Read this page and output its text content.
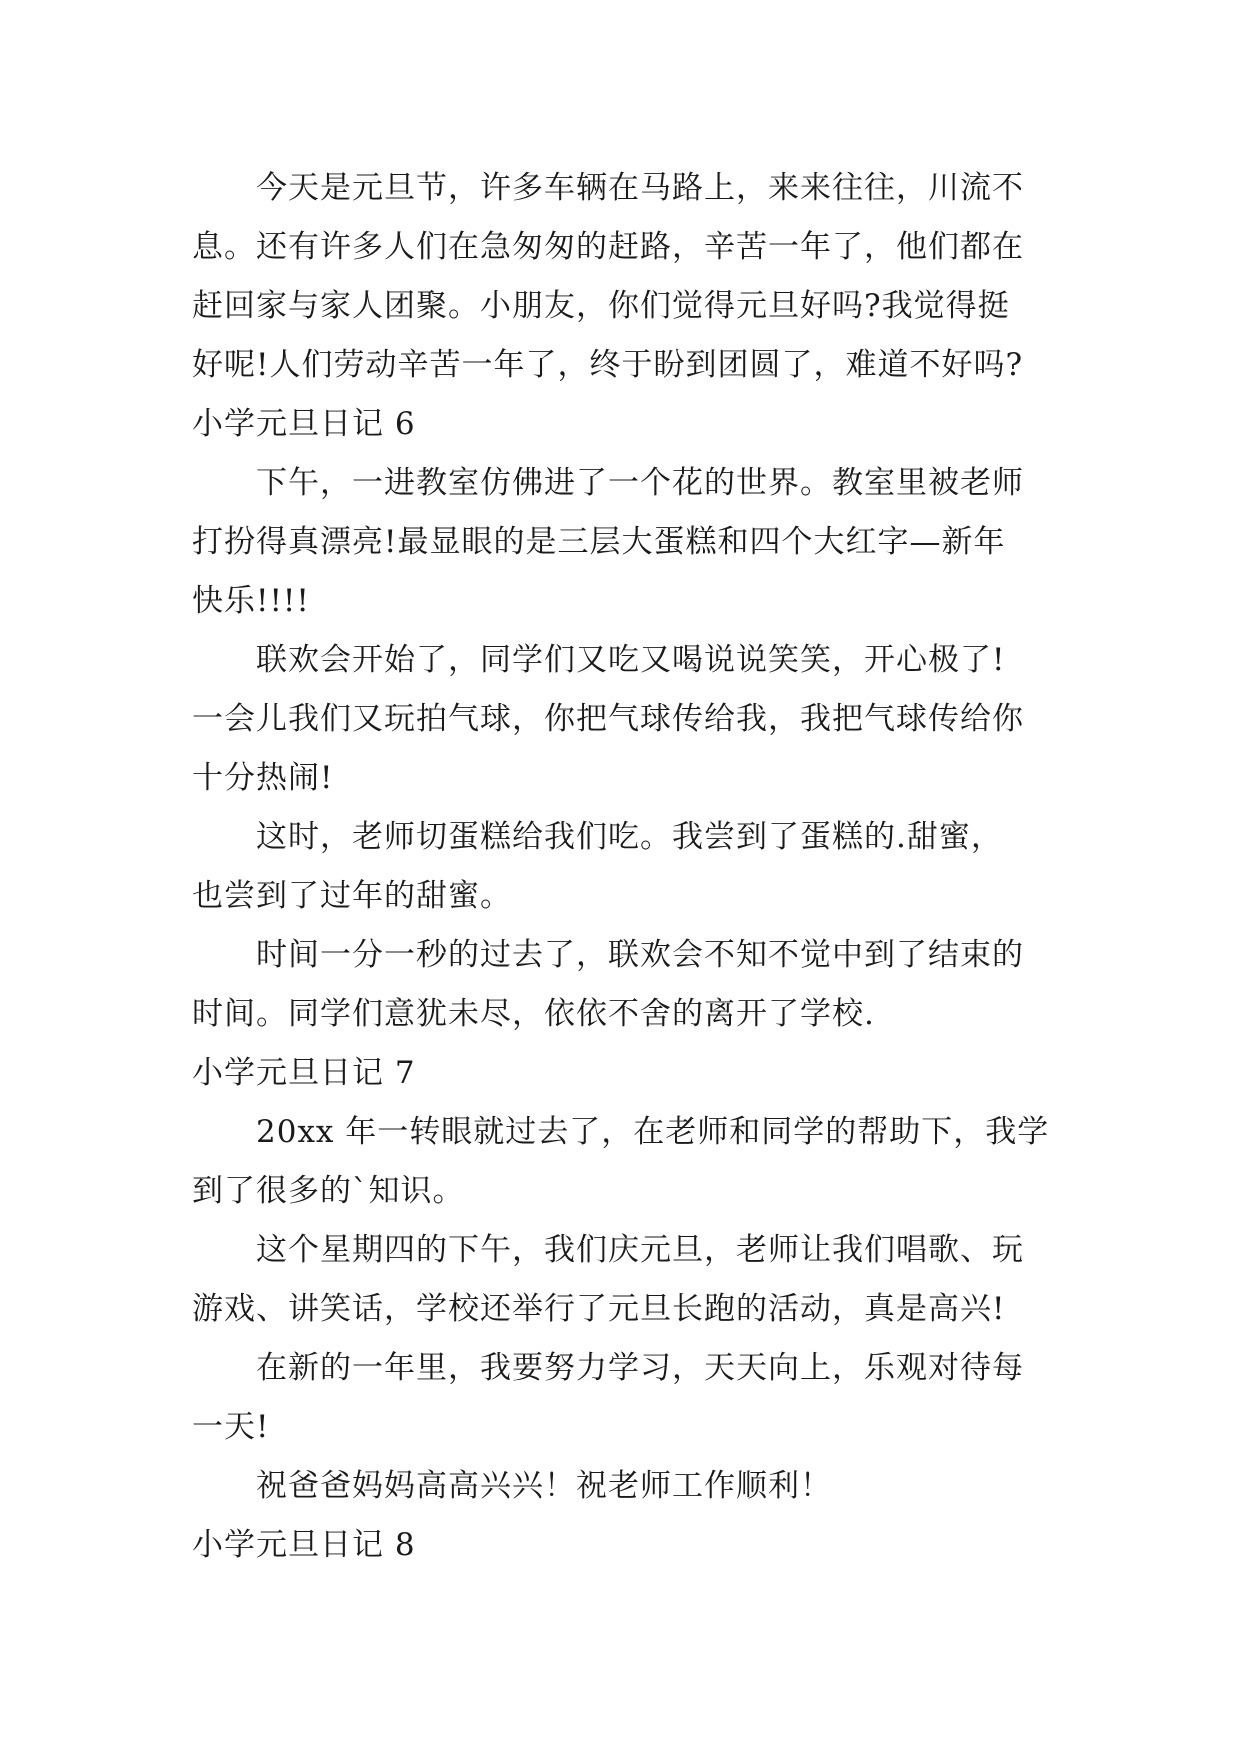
今天是元旦节，许多车辆在马路上，来来往往，川流不
息。还有许多人们在急匆匆的赶路，辛苦一年了，他们都在
赶回家与家人团聚。小朋友，你们觉得元旦好吗?我觉得挺
好呢!人们劳动辛苦一年了，终于盼到团圆了，难道不好吗?
小学元旦日记 6
下午，一进教室仿佛进了一个花的世界。教室里被老师
打扮得真漂亮!最显眼的是三层大蛋糕和四个大红字—新年
快乐!!!!
联欢会开始了，同学们又吃又喝说说笑笑，开心极了!
一会儿我们又玩拍气球，你把气球传给我，我把气球传给你
十分热闹!
这时，老师切蛋糕给我们吃。我尝到了蛋糕的.甜蜜，
也尝到了过年的甜蜜。
时间一分一秒的过去了，联欢会不知不觉中到了结束的
时间。同学们意犹未尽，依依不舍的离开了学校.
小学元旦日记 7
20xx 年一转眼就过去了，在老师和同学的帮助下，我学
到了很多的`知识。
这个星期四的下午，我们庆元旦，老师让我们唱歌、玩
游戏、讲笑话，学校还举行了元旦长跑的活动，真是高兴!
在新的一年里，我要努力学习，天天向上，乐观对待每
一天!
祝爸爸妈妈高高兴兴！祝老师工作顺利！
小学元旦日记 8
